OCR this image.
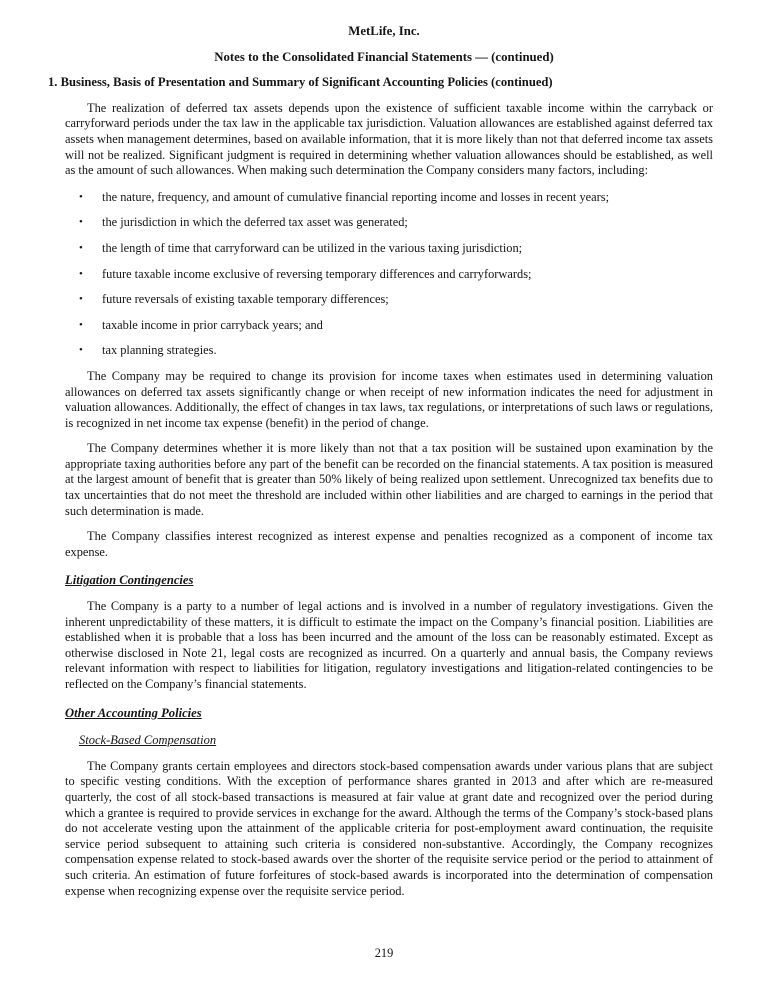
MetLife, Inc.
Notes to the Consolidated Financial Statements — (continued)
1. Business, Basis of Presentation and Summary of Significant Accounting Policies (continued)

The realization of deferred tax assets depends upon the existence of sufficient taxable income within the carryback or carryforward periods under the tax law in the applicable tax jurisdiction. Valuation allowances are established against deferred tax assets when management determines, based on available information, that it is more likely than not that deferred income tax assets will not be realized. Significant judgment is required in determining whether valuation allowances should be established, as well as the amount of such allowances. When making such determination the Company considers many factors, including:

• the nature, frequency, and amount of cumulative financial reporting income and losses in recent years;
• the jurisdiction in which the deferred tax asset was generated;
• the length of time that carryforward can be utilized in the various taxing jurisdiction;
• future taxable income exclusive of reversing temporary differences and carryforwards;
• future reversals of existing taxable temporary differences;
• taxable income in prior carryback years; and
• tax planning strategies.

The Company may be required to change its provision for income taxes when estimates used in determining valuation allowances on deferred tax assets significantly change or when receipt of new information indicates the need for adjustment in valuation allowances. Additionally, the effect of changes in tax laws, tax regulations, or interpretations of such laws or regulations, is recognized in net income tax expense (benefit) in the period of change.

The Company determines whether it is more likely than not that a tax position will be sustained upon examination by the appropriate taxing authorities before any part of the benefit can be recorded on the financial statements. A tax position is measured at the largest amount of benefit that is greater than 50% likely of being realized upon settlement. Unrecognized tax benefits due to tax uncertainties that do not meet the threshold are included within other liabilities and are charged to earnings in the period that such determination is made.

The Company classifies interest recognized as interest expense and penalties recognized as a component of income tax expense.

Litigation Contingencies

The Company is a party to a number of legal actions and is involved in a number of regulatory investigations. Given the inherent unpredictability of these matters, it is difficult to estimate the impact on the Company’s financial position. Liabilities are established when it is probable that a loss has been incurred and the amount of the loss can be reasonably estimated. Except as otherwise disclosed in Note 21, legal costs are recognized as incurred. On a quarterly and annual basis, the Company reviews relevant information with respect to liabilities for litigation, regulatory investigations and litigation-related contingencies to be reflected on the Company’s financial statements.

Other Accounting Policies
Stock-Based Compensation

The Company grants certain employees and directors stock-based compensation awards under various plans that are subject to specific vesting conditions. With the exception of performance shares granted in 2013 and after which are re-measured quarterly, the cost of all stock-based transactions is measured at fair value at grant date and recognized over the period during which a grantee is required to provide services in exchange for the award. Although the terms of the Company’s stock-based plans do not accelerate vesting upon the attainment of the applicable criteria for post-employment award continuation, the requisite service period subsequent to attaining such criteria is considered non-substantive. Accordingly, the Company recognizes compensation expense related to stock-based awards over the shorter of the requisite service period or the period to attainment of such criteria. An estimation of future forfeitures of stock-based awards is incorporated into the determination of compensation expense when recognizing expense over the requisite service period.

219
